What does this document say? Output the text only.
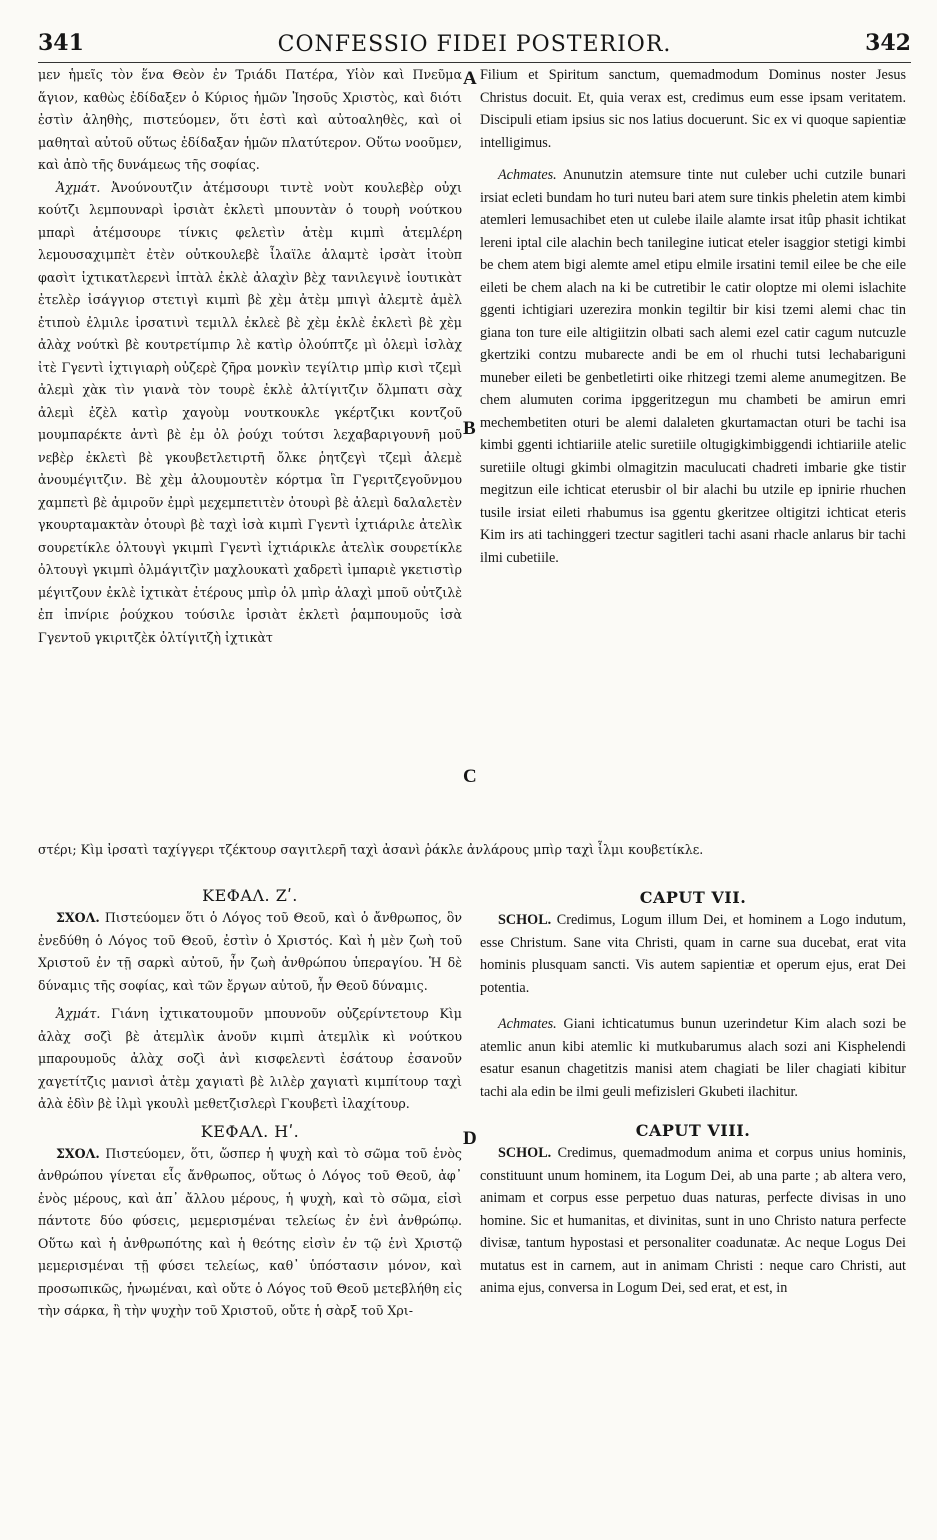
341	CONFESSIO FIDEI POSTERIOR.	342

μεν ἡμεῖς τὸν ἕνα Θεὸν ἐν Τριάδι Πατέρα, Υἱὸν καὶ Πνεῦμα ἅγιον, καθὼς ἐδίδαξεν ὁ Κύριος ἡμῶν Ἰησοῦς Χριστὸς, καὶ διότι ἐστὶν ἀληθὴς, πιστεύομεν, ὅτι ἐστὶ καὶ αὐτοαληθὲς, καὶ οἱ μαθηταὶ αὐτοῦ οὕτως ἐδίδαξαν ἡμῶν πλατύτερον. Οὕτω νοοῦμεν, καὶ ἀπὸ τῆς δυνάμεως τῆς σοφίας.

Ἀχμάτ. Ἀνούνουτζιν ἀτέμσουρι τιντὲ νοὺτ κουλεβὲρ οὐχι κούτζι λεμπουναρὶ ἰρσιὰτ ἐκλετὶ μπουντὰν ὁ τουρὴ νούτκου μπαρὶ ἀτέμσουρε τίνκις φελετὶν ἀτὲμ κιμπὶ ἀτεμλέρη λεμουσαχιμπὲτ ἐτὲν οὐτκουλεβὲ ἶλαϊλε ἀλαμτὲ ἰρσὰτ ἰτοὺπ φασὶτ ἰχτικατλερενὶ ἰπτὰλ ἐκλὲ ἀλαχὶν βὲχ τανιλεγινὲ ἰουτικὰτ ἐτελὲρ ἰσάγγιορ στετιγὶ κιμπὶ βὲ χὲμ ἀτὲμ μπιγὶ ἀλεμτὲ ἀμὲλ ἐτιποὺ ἐλμιλε ἰρσατινὶ τεμιλλ ἐκλεὲ βὲ χὲμ ἐκλὲ ἐκλετὶ βὲ χὲμ ἀλὰχ νούτκὶ βὲ κουτρετίμπιρ λὲ κατὶρ ὀλούπτζε μὶ ὀλεμὶ ἰσλὰχ ἰτὲ Γγεντὶ ἰχτιγιαρὴ οὐζερὲ ζῆρα μονκὶν τεγίλτιρ μπὶρ κισὶ τζεμὶ ἀλεμὶ χὰκ τὶν γιανὰ τὸν τουρὲ ἐκλὲ ἀλτίγιτζιν ὄλμπατι σὰχ ἀλεμὶ ἐζὲλ κατὶρ χαγοὺμ νουτκουκλε γκέρτζικι κοντζοῦ μουμπαρέκτε ἀντὶ βὲ ἐμ ὀλ ῥούχι τούτσι λεχαβαριγουνῆ μοῦ νεβὲρ ἐκλετὶ βὲ γκουβετλετιρτῆ ὄλκε ῥητζεγὶ τζεμὶ ἀλεμὲ ἀνουμέγιτζιν. Βὲ χὲμ ἀλουμουτὲν κόρτμα ἲπ Γγεριτζεγοῦνμου χαμπετὶ βὲ ἀμιροῦν ἐμρὶ μεχεμπετιτὲν ὀτουρὶ βὲ ἀλεμὶ δαλαλετὲν γκουρταμακτὰν ὀτουρὶ βὲ ταχὶ ἰσὰ κιμπὶ Γγεντὶ ἰχτιάριλε ἀτελὶκ σουρετίκλε ὀλτουγὶ γκιμπὶ Γγεντὶ ἰχτιάρικλε ἀτελὶκ σουρετίκλε ὀλτουγὶ γκιμπὶ ὀλμάγιτζὶν μαχλουκατὶ χαδρετὶ ἰμπαριὲ γκετιστὶρ μέγιτζουν ἐκλὲ ἰχτικὰτ ἐτέρους μπὶρ ὀλ μπὶρ ἀλαχὶ μποῦ οὐτζιλὲ ἐπ ἰπνίριε ῥούχκου τούσιλε ἰρσιὰτ ἐκλετὶ ῥαμπουμοῦς ἰσὰ Γγεντοῦ γκιριτζὲκ ὀλτίγιτζὴ ἰχτικὰτ

Filium et Spiritum sanctum, quemadmodum Dominus noster Jesus Christus docuit. Et, quia verax est, credimus eum esse ipsam veritatem. Discipuli etiam ipsius sic nos latius docuerunt. Sic ex vi quoque sapientiæ intelligimus.

Achmates. Anunutzin atemsure tinte nut culeber uchi cutzile bunari irsiat ecleti bundam ho turi nuteu bari atem sure tinkis pheletin atem kimbi atemleri lemusachibet eten ut culebe ilaile alamte irsat itûp phasit ichtikat lereni iptal cile alachin bech tanilegine iuticat eteler isaggior stetigi kimbi be chem atem bigi alemte amel etipu elmile irsatini temil eilee be che eile eileti be chem alach na ki be cutretibir le catir oloptze mi olemi islachite ggenti ichtigiari uzerezira monkin tegiltir bir kisi tzemi alemi chac tin giana ton ture eile altigiitzin olbati sach alemi ezel catir cagum nutcuzle gkertziki contzu mubarecte andi be em ol rhuchi tutsi lechabariguni muneber eileti be genbetletirti oike rhitzegi tzemi aleme anumegitzen. Be chem alumuten corima ipggeritzegun mu chambeti be amirun emri mechembetiten oturi be alemi dalaleten gkurtamactan oturi be tachi isa kimbi ggenti ichtiariile atelic suretiile oltugigkimbiggendi ichtiariile atelic suretiile oltugi gkimbi olmagitzin maculucati chadreti imbarie gke tistir megitzun eile ichticat eterusbir ol bir alachi bu utzile ep ipnirie rhuchen tusile irsiat eileti rhabumus isa ggentu gkeritzee oltigitzi ichticat eteris Kim irs ati tachinggeri tzectur sagitleri tachi asani rhacle anlarus bir tachi ilmi cubetiile.

στέρι; Κὶμ ἰρσατὶ ταχίγγερι τζέκτουρ σαγιτλερῆ ταχὶ ἀσανὶ ῥάκλε ἀνλάρους μπὶρ ταχὶ ἶλμι κουβετίκλε.

ΚΕΦΑΛ. Ζʹ.

ΣΧΟΛ. Πιστεύομεν ὅτι ὁ Λόγος τοῦ Θεοῦ, καὶ ὁ ἄνθρωπος, ὃν ἐνεδύθη ὁ Λόγος τοῦ Θεοῦ, ἐστὶν ὁ Χριστός. Καὶ ἡ μὲν ζωὴ τοῦ Χριστοῦ ἐν τῇ σαρκὶ αὐτοῦ, ἦν ζωὴ ἀνθρώπου ὑπεραγίου. Ἡ δὲ δύναμις τῆς σοφίας, καὶ τῶν ἔργων αὐτοῦ, ἦν Θεοῦ δύναμις.

Ἀχμάτ. Γιάνη ἰχτικατουμοῦν μπουνοῦν οὐζερίντετουρ Κὶμ ἀλὰχ σοζὶ βὲ ἀτεμλὶκ ἀνοῦν κιμπὶ ἀτεμλὶκ κὶ νούτκου μπαρουμοῦς ἀλὰχ σοζὶ ἀνὶ κισφελεντὶ ἐσάτουρ ἐσανοῦν χαγετίτζις μανισὶ ἀτὲμ χαγιατὶ βὲ λιλὲρ χαγιατὶ κιμπίτουρ ταχὶ ἀλὰ ἐδὶν βὲ ἰλμὶ γκουλὶ μεθετζισλερὶ Γκουβετὶ ἰλαχίτουρ.

ΚΕΦΑΛ. Ηʹ.

ΣΧΟΛ. Πιστεύομεν, ὅτι, ὥσπερ ἡ ψυχὴ καὶ τὸ σῶμα τοῦ ἑνὸς ἀνθρώπου γίνεται εἷς ἄνθρωπος, οὕτως ὁ Λόγος τοῦ Θεοῦ, ἀφ᾽ ἑνὸς μέρους, καὶ ἀπ᾽ ἄλλου μέρους, ἡ ψυχὴ, καὶ τὸ σῶμα, εἰσὶ πάντοτε δύο φύσεις, μεμερισμέναι τελείως ἐν ἑνὶ ἀνθρώπῳ. Οὕτω καὶ ἡ ἀνθρωπότης καὶ ἡ θεότης εἰσὶν ἐν τῷ ἑνὶ Χριστῷ μεμερισμέναι τῇ φύσει τελείως, καθ᾽ ὑπόστασιν μόνον, καὶ προσωπικῶς, ἡνωμέναι, καὶ οὔτε ὁ Λόγος τοῦ Θεοῦ μετεβλήθη εἰς τὴν σάρκα, ἢ τὴν ψυχὴν τοῦ Χριστοῦ, οὔτε ἡ σὰρξ τοῦ Χρι-

CAPUT VII.

SCHOL. Credimus, Logum illum Dei, et hominem a Logo indutum, esse Christum. Sane vita Christi, quam in carne sua ducebat, erat vita hominis plusquam sancti. Vis autem sapientiæ et operum ejus, erat Dei potentia.

Achmates. Giani ichticatumus bunun uzerindetur Kim alach sozi be atemlic anun kibi atemlic ki mutkubarumus alach sozi ani Kisphelendi esatur esanun chagetitzis manisi atem chagiati be liler chagiati kibitur tachi ala edin be ilmi geuli mefizisleri Gkubeti ilachitur.

CAPUT VIII.

SCHOL. Credimus, quemadmodum anima et corpus unius hominis, constituunt unum hominem, ita Logum Dei, ab una parte ; ab altera vero, animam et corpus esse perpetuo duas naturas, perfecte divisas in uno homine. Sic et humanitas, et divinitas, sunt in uno Christo natura perfecte divisæ, tantum hypostasi et personaliter coadunatæ. Ac neque Logus Dei mutatus est in carnem, aut in animam Christi : neque caro Christi, aut anima ejus, conversa in Logum Dei, sed erat, et est, in

A
B
C
D
